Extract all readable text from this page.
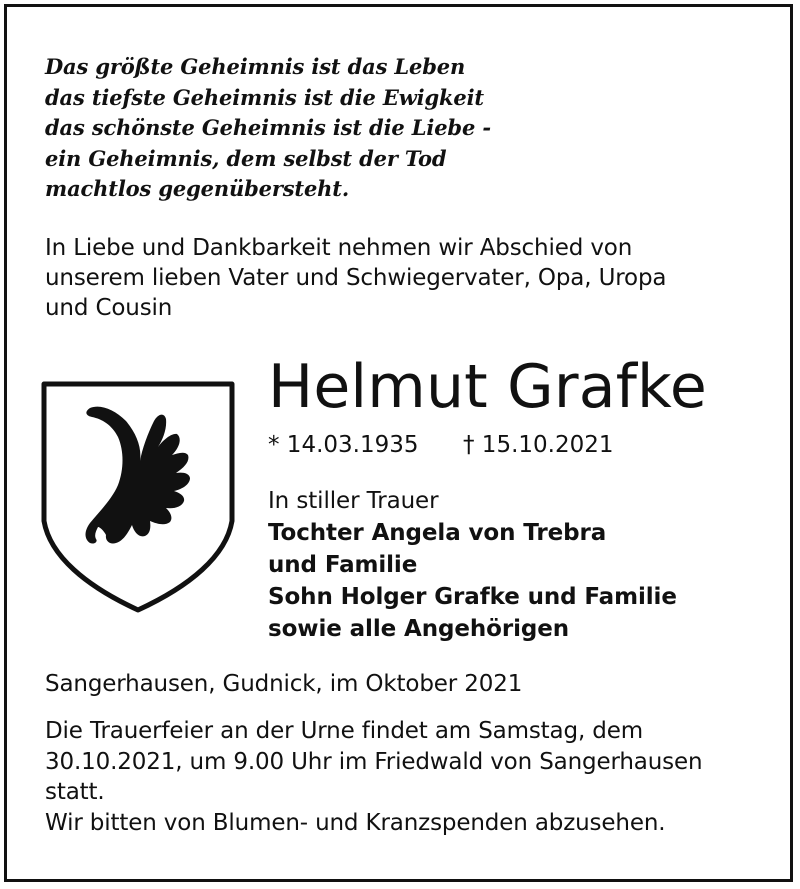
Das größte Geheimnis ist das Leben
das tiefste Geheimnis ist die Ewigkeit
das schönste Geheimnis ist die Liebe -
ein Geheimnis, dem selbst der Tod
machtlos gegenübersteht.
In Liebe und Dankbarkeit nehmen wir Abschied von
unserem lieben Vater und Schwiegervater, Opa, Uropa
und Cousin
Helmut Grafke
* 14.03.1935 † 15.10.2021
In stiller Trauer
Tochter Angela von Trebra
und Familie
Sohn Holger Grafke und Familie
sowie alle Angehörigen
Sangerhausen, Gudnick, im Oktober 2021
Die Trauerfeier an der Urne findet am Samstag, dem
30.10.2021, um 9.00 Uhr im Friedwald von Sangerhausen
statt.
Wir bitten von Blumen- und Kranzspenden abzusehen.
